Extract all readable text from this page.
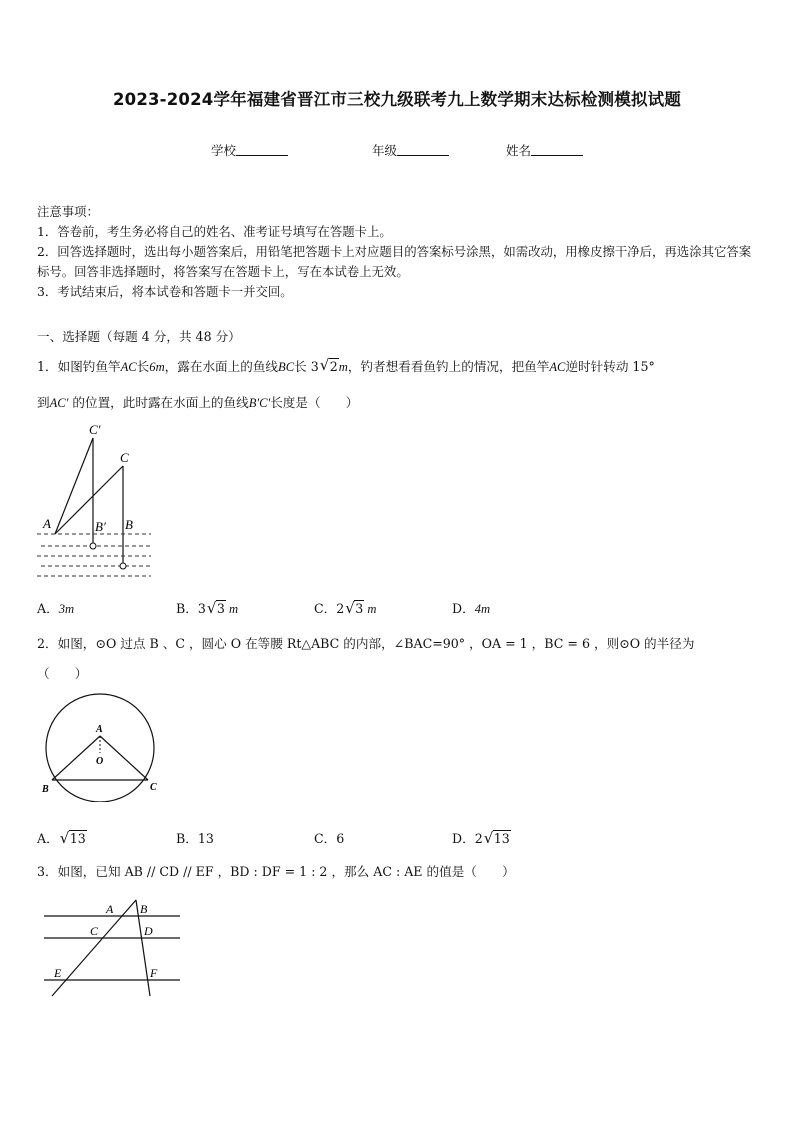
2023-2024学年福建省晋江市三校九级联考九上数学期末达标检测模拟试题
学校	年级	姓名
注意事项：
1．答卷前，考生务必将自己的姓名、准考证号填写在答题卡上。
2．回答选择题时，选出每小题答案后，用铅笔把答题卡上对应题目的答案标号涂黑，如需改动，用橡皮擦干净后，再选涂其它答案标号。回答非选择题时，将答案写在答题卡上，写在本试卷上无效。
3．考试结束后，将本试卷和答题卡一并交回。
一、选择题（每题 4 分，共 48 分）
1．如图钓鱼竿AC长6m，露在水面上的鱼线BC长 3 √ 2m，钓者想看看鱼钓上的情况，把鱼竿AC逆时针转动 15°
到AC' 的位置，此时露在水面上的鱼线B'C'长度是（　　）
C′
C
A	B′ B
A．3m	B．3 √ 3 m	C．2 √ 3 m	D．4m
2．如图，⊙O 过点 B 、C ，圆心 O 在等腰 Rt△ABC 的内部，∠BAC=90° ，OA = 1 ，BC = 6 ，则⊙O 的半径为
（　　）
A
O
B	C
A． √ 13	B．13	C．6	D．2 √ 13
3．如图，已知 AB // CD // EF ，BD : DF = 1 : 2 ，那么 AC : AE 的值是（　　）
A B
C	D
E	F
